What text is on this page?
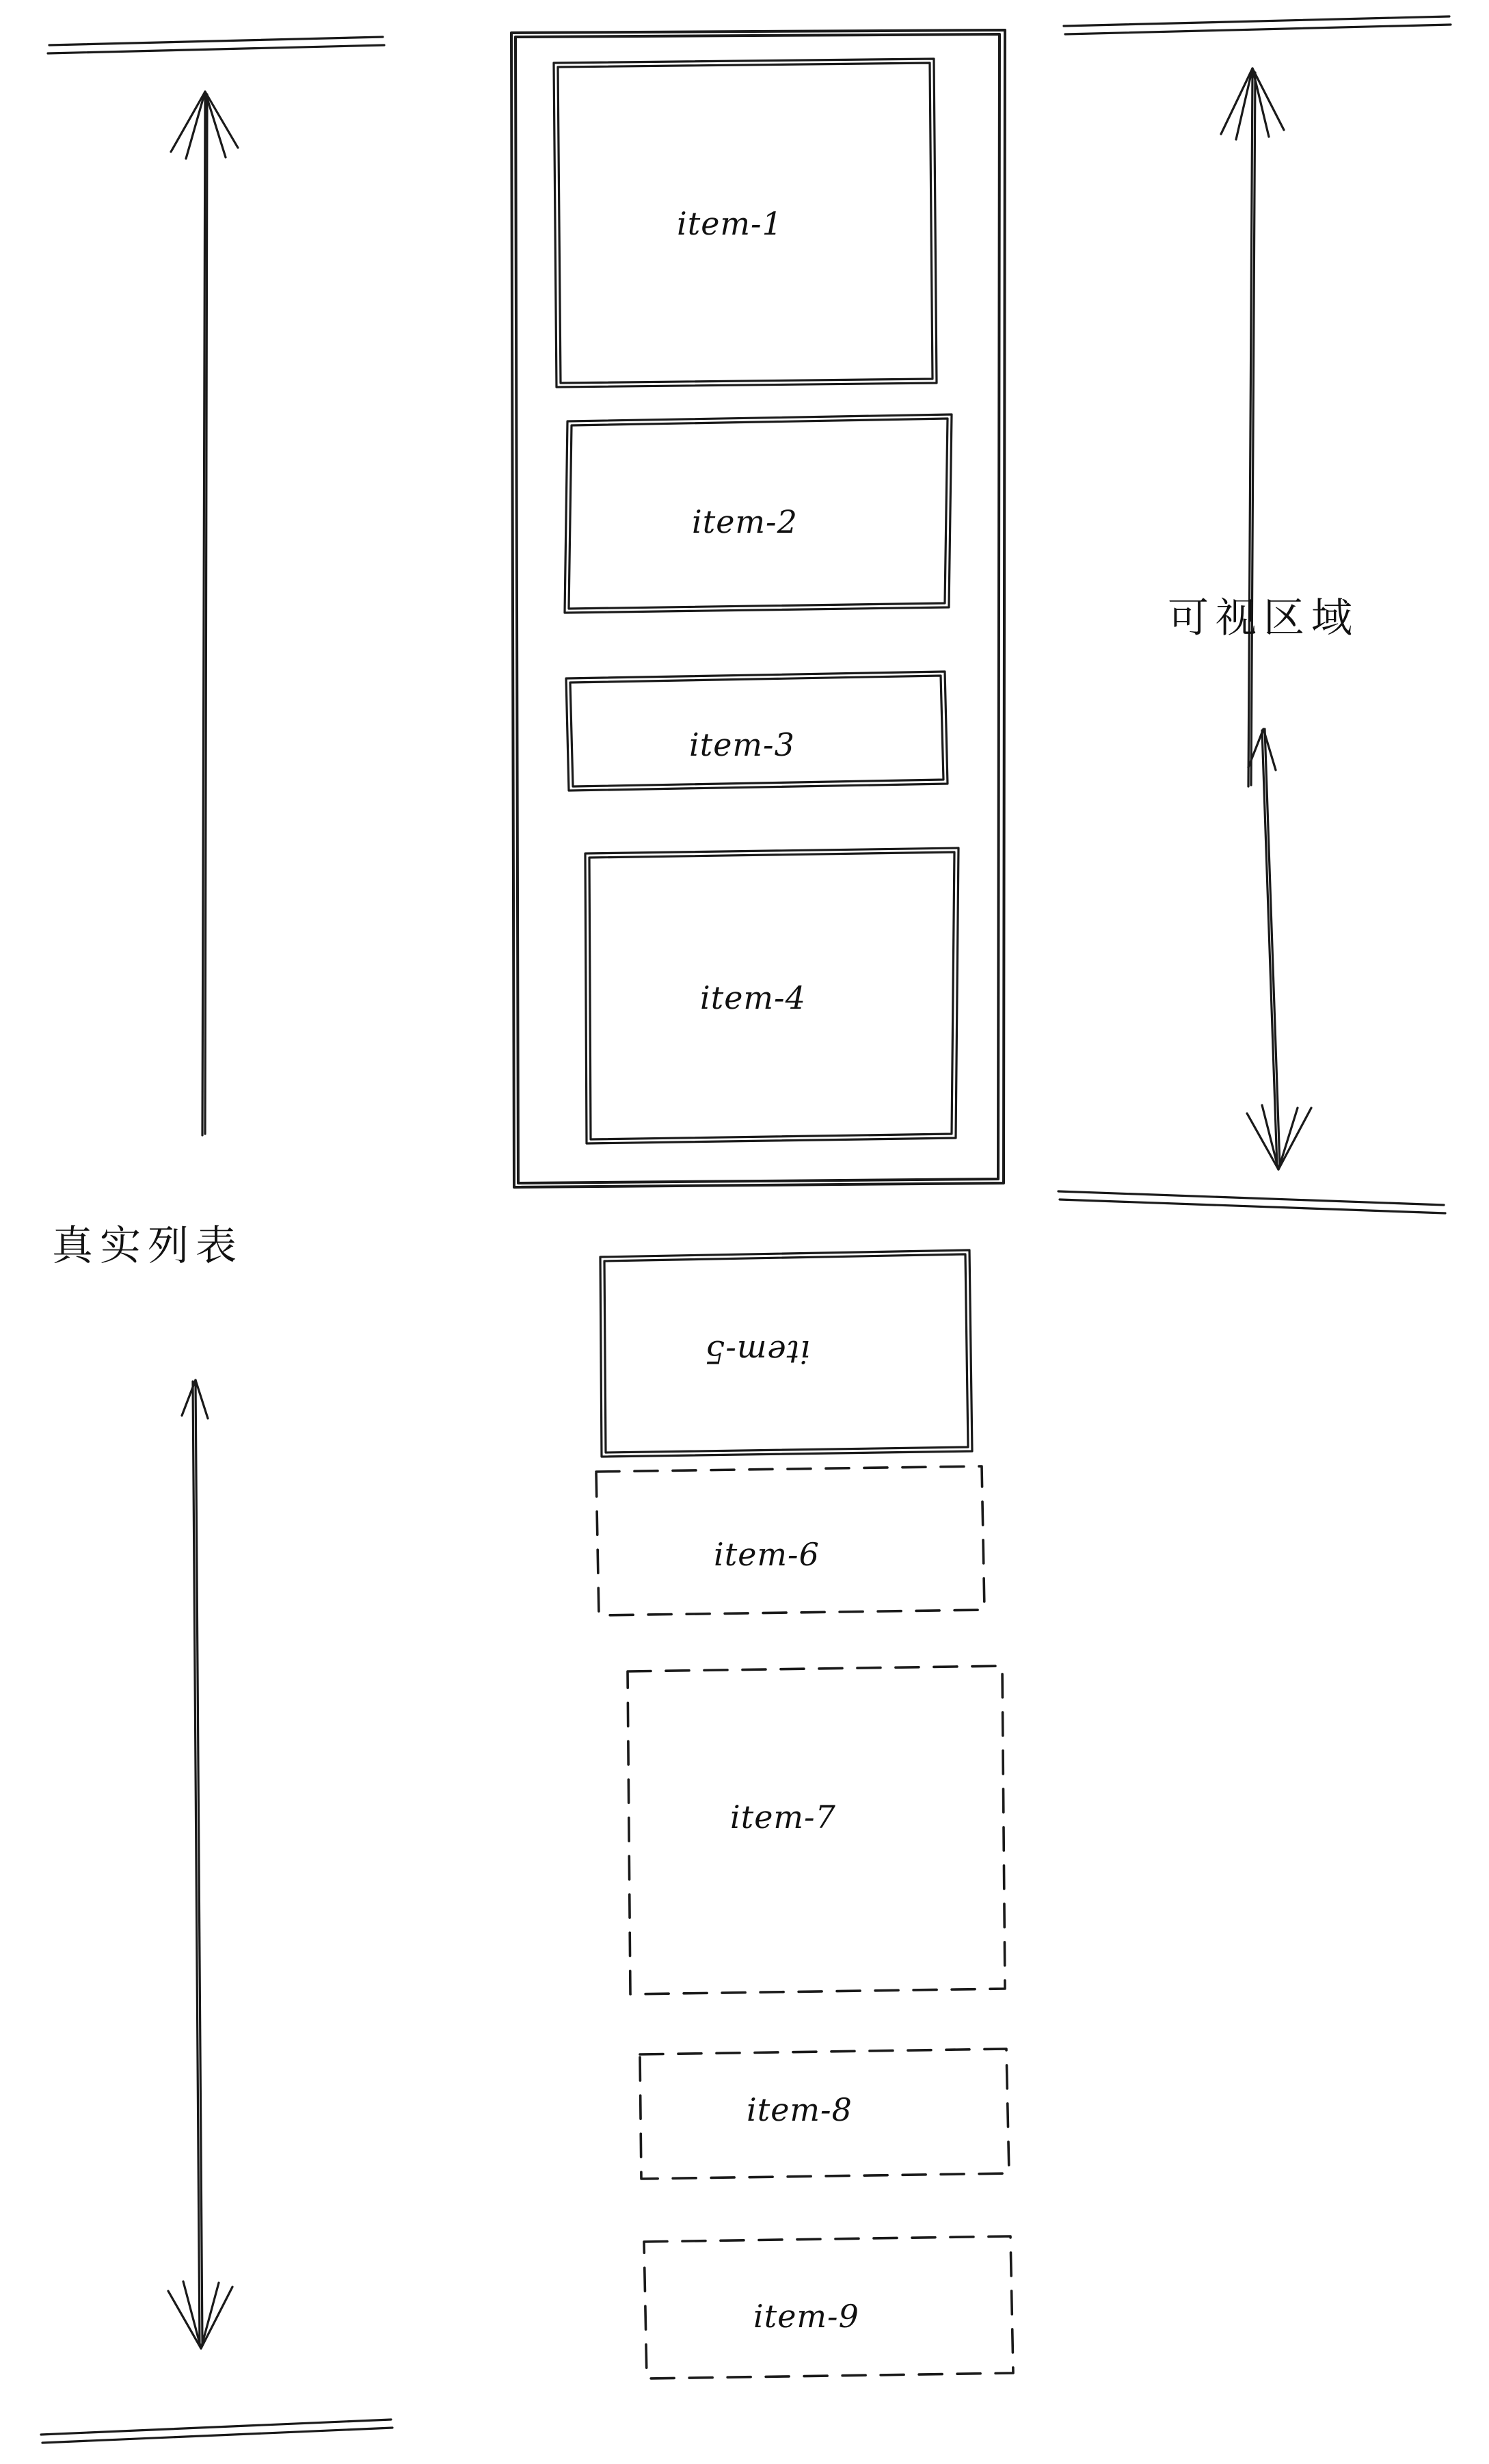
item-1
item-2
item-3
item-4
item-5
item-6
item-7
item-8
item-9
真实列表
可视区域
